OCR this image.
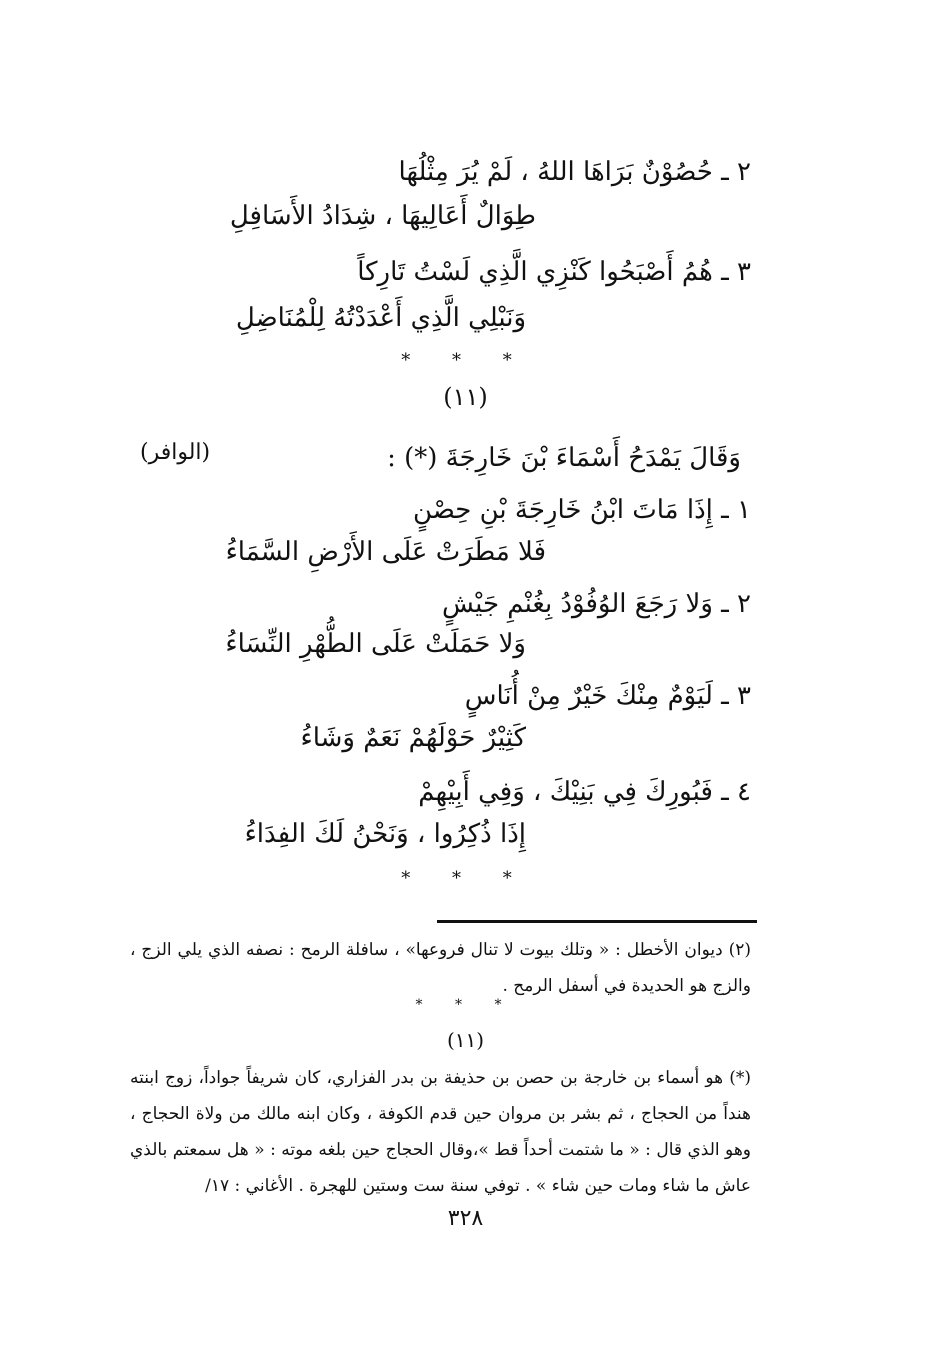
٢ ـ حُصُوْنٌ بَرَاهَا اللهُ ، لَمْ يُرَ مِثْلُهَا
طِوَالٌ أَعَالِيهَا ، شِدَادُ الأَسَافِلِ
٣ ـ هُمُ أَصْبَحُوا كَنْزِي الَّذِي لَسْتُ تَارِكاً
وَنَبْلِي الَّذِي أَعْدَدْتُهُ لِلْمُنَاضِلِ
* * *
(١١)
وَقَالَ يَمْدَحُ أَسْمَاءَ بْنَ خَارِجَةَ (*) :
(الوافر)
١ ـ إِذَا مَاتَ ابْنُ خَارِجَةَ بْنِ حِصْنٍ
فَلا مَطَرَتْ عَلَى الأَرْضِ السَّمَاءُ
٢ ـ وَلا رَجَعَ الوُفُوْدُ بِغُنْمِ جَيْشٍ
وَلا حَمَلَتْ عَلَى الطُّهْرِ النِّسَاءُ
٣ ـ لَيَوْمٌ مِنْكَ خَيْرٌ مِنْ أُنَاسٍ
كَثِيْرٌ حَوْلَهُمْ نَعَمٌ وَشَاءُ
٤ ـ فَبُورِكَ فِي بَنِيْكَ ، وَفِي أَبِيْهِمْ
إِذَا ذُكِرُوا ، وَنَحْنُ لَكَ الفِدَاءُ
* * *
(٢) ديوان الأخطل : « وتلك بيوت لا تنال فروعها» ، سافلة الرمح : نصفه الذي يلي الزج ، والزج هو الحديدة في أسفل الرمح .
* * *
(١١)
(*) هو أسماء بن خارجة بن حصن بن حذيفة بن بدر الفزاري، كان شريفاً جواداً، زوج ابنته هنداً من الحجاج ، ثم بشر بن مروان حين قدم الكوفة ، وكان ابنه مالك من ولاة الحجاج ، وهو الذي قال : « ما شتمت أحداً قط »،وقال الحجاج حين بلغه موته : « هل سمعتم بالذي عاش ما شاء ومات حين شاء » . توفي سنة ست وستين للهجرة . الأغاني : ١٧/
٣٢٨
